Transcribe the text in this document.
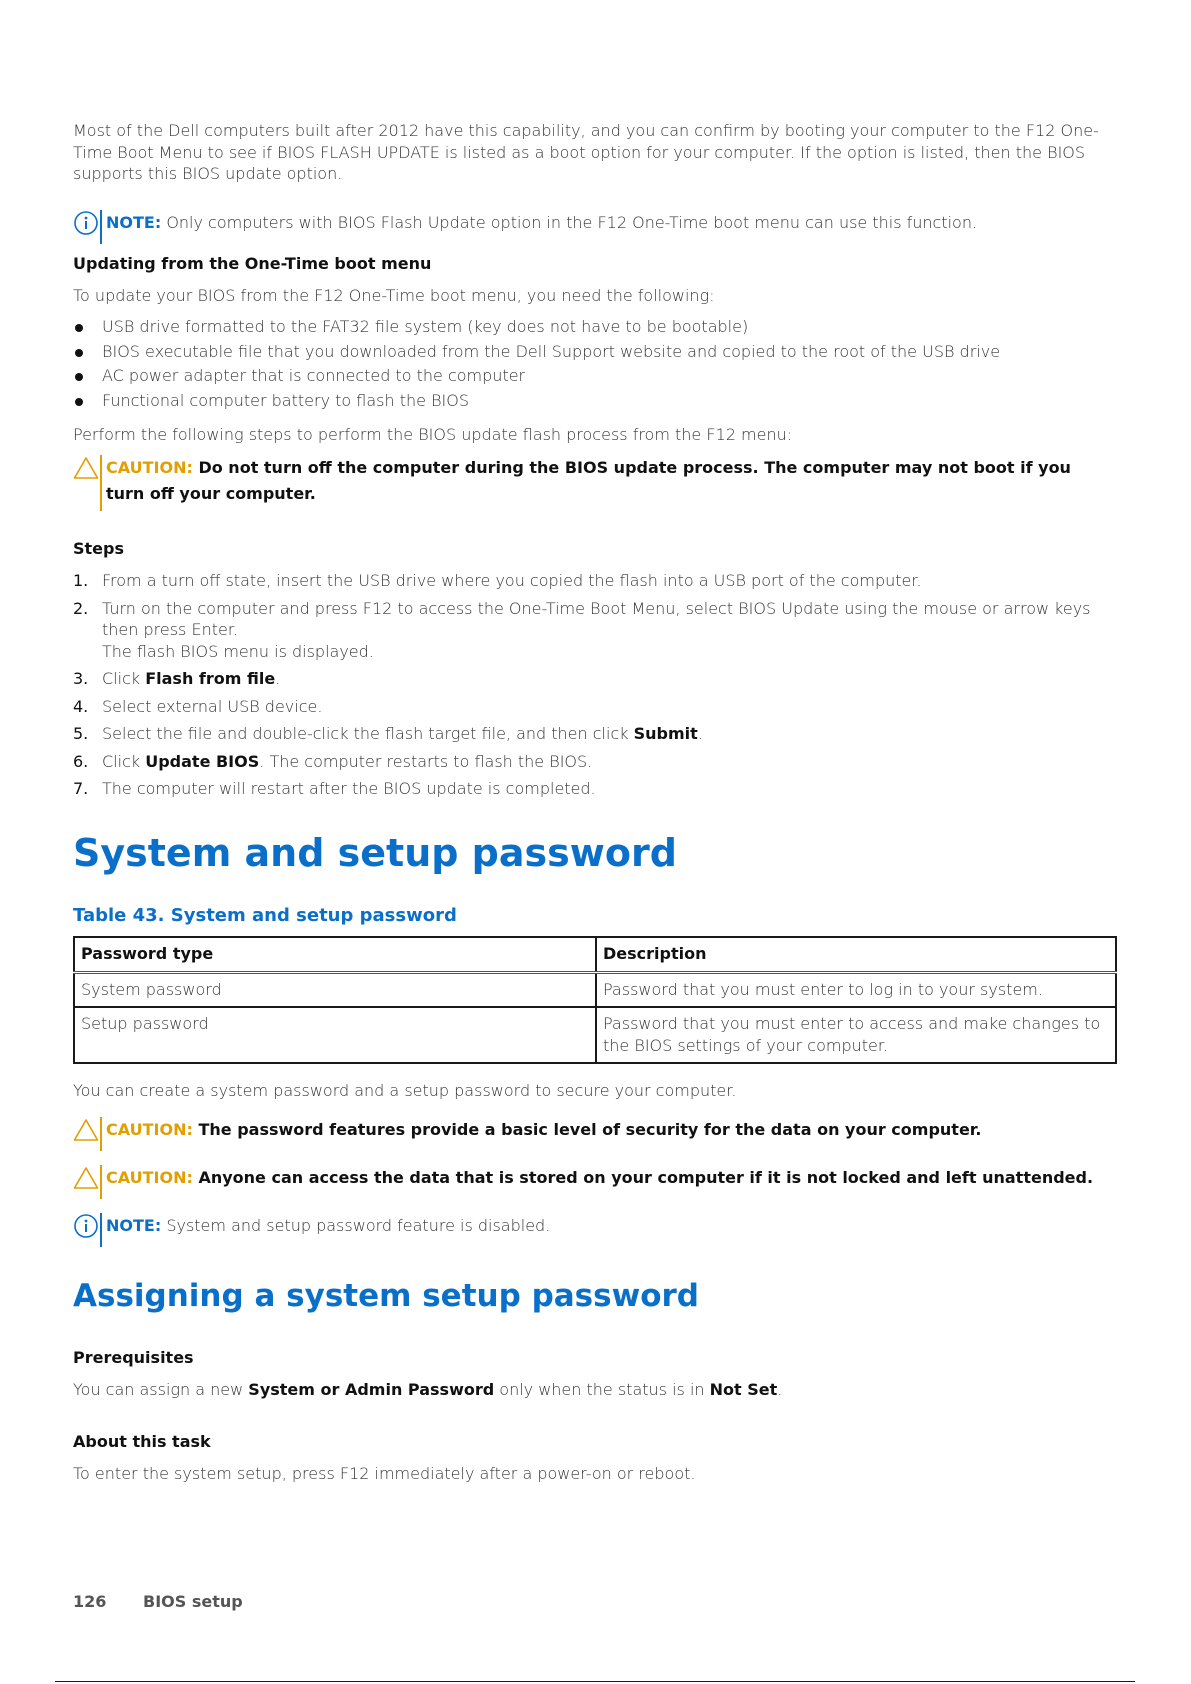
Most of the Dell computers built after 2012 have this capability, and you can confirm by booting your computer to the F12 One-Time Boot Menu to see if BIOS FLASH UPDATE is listed as a boot option for your computer. If the option is listed, then the BIOS supports this BIOS update option.

NOTE: Only computers with BIOS Flash Update option in the F12 One-Time boot menu can use this function.
Updating from the One-Time boot menu

To update your BIOS from the F12 One-Time boot menu, you need the following:

USB drive formatted to the FAT32 file system (key does not have to be bootable)
BIOS executable file that you downloaded from the Dell Support website and copied to the root of the USB drive
AC power adapter that is connected to the computer
Functional computer battery to flash the BIOS

Perform the following steps to perform the BIOS update flash process from the F12 menu:

CAUTION: Do not turn off the computer during the BIOS update process. The computer may not boot if you turn off your computer.
Steps
1. From a turn off state, insert the USB drive where you copied the flash into a USB port of the computer.
2. Turn on the computer and press F12 to access the One-Time Boot Menu, select BIOS Update using the mouse or arrow keys then press Enter.
The flash BIOS menu is displayed.
3. Click Flash from file.
4. Select external USB device.
5. Select the file and double-click the flash target file, and then click Submit.
6. Click Update BIOS. The computer restarts to flash the BIOS.
7. The computer will restart after the BIOS update is completed.
System and setup password
Table 43. System and setup password
Password type	Description
System password	Password that you must enter to log in to your system.
Setup password	Password that you must enter to access and make changes to the BIOS settings of your computer.

You can create a system password and a setup password to secure your computer.

CAUTION: The password features provide a basic level of security for the data on your computer.
CAUTION: Anyone can access the data that is stored on your computer if it is not locked and left unattended.
NOTE: System and setup password feature is disabled.
Assigning a system setup password
Prerequisites

You can assign a new System or Admin Password only when the status is in Not Set.

About this task

To enter the system setup, press F12 immediately after a power-on or reboot.

126 BIOS setup
